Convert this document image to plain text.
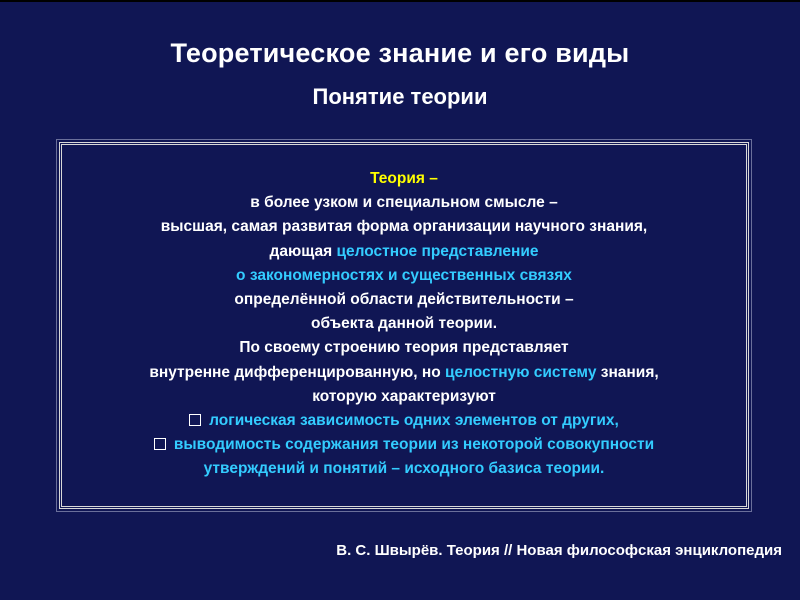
Теоретическое знание и его виды
Понятие теории
Теория –
в более узком и специальном смысле –
высшая, самая развитая форма организации научного знания,
дающая целостное представление
о закономерностях и существенных связях
определённой области действительности –
объекта данной теории.
По своему строению теория представляет
внутренне дифференцированную, но целостную систему знания,
которую характеризуют
логическая зависимость одних элементов от других,
выводимость содержания теории из некоторой совокупности
утверждений и понятий – исходного базиса теории.
В. С. Швырёв. Теория // Новая философская энциклопедия
